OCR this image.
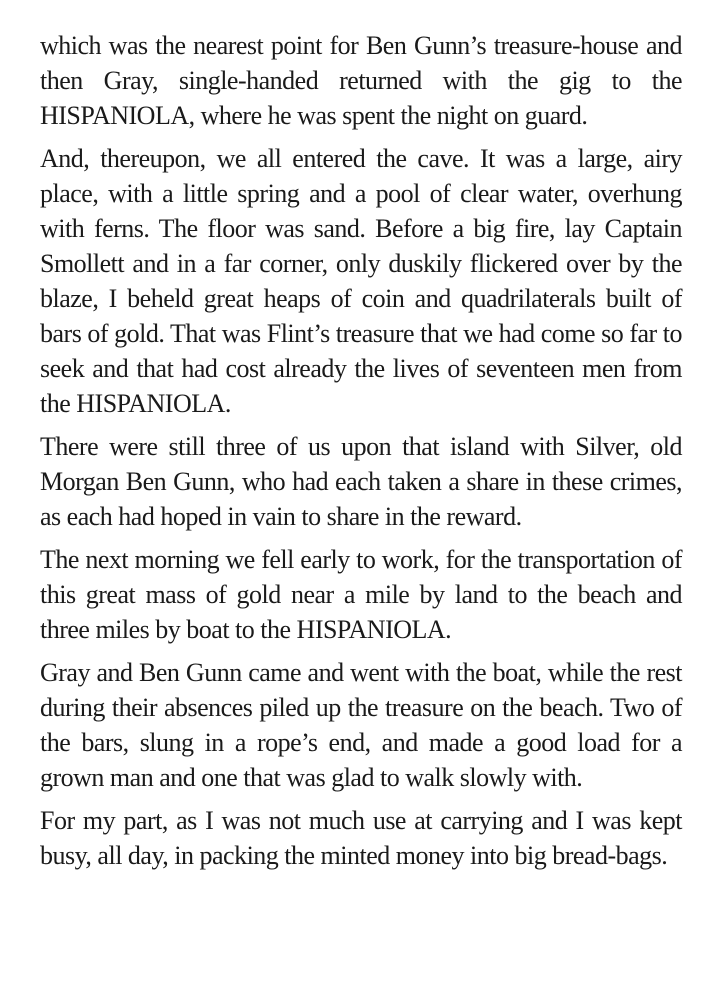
which was the nearest point for Ben Gunn’s treasure-house and then Gray, single-handed returned with the gig to the HISPANIOLA, where he was spent the night on guard.

And, thereupon, we all entered the cave. It was a large, airy place, with a little spring and a pool of clear water, overhung with ferns. The floor was sand. Before a big fire, lay Captain Smollett and in a far corner, only duskily flickered over by the blaze, I beheld great heaps of coin and quadrilaterals built of bars of gold. That was Flint’s treasure that we had come so far to seek and that had cost already the lives of seventeen men from the HISPANIOLA.

There were still three of us upon that island with Silver, old Morgan Ben Gunn, who had each taken a share in these crimes, as each had hoped in vain to share in the reward.

The next morning we fell early to work, for the transportation of this great mass of gold near a mile by land to the beach and three miles by boat to the HISPANIOLA.

Gray and Ben Gunn came and went with the boat, while the rest during their absences piled up the treasure on the beach. Two of the bars, slung in a rope’s end, and made a good load for a grown man and one that was glad to walk slowly with.

For my part, as I was not much use at carrying and I was kept busy, all day, in packing the minted money into big bread-bags.
